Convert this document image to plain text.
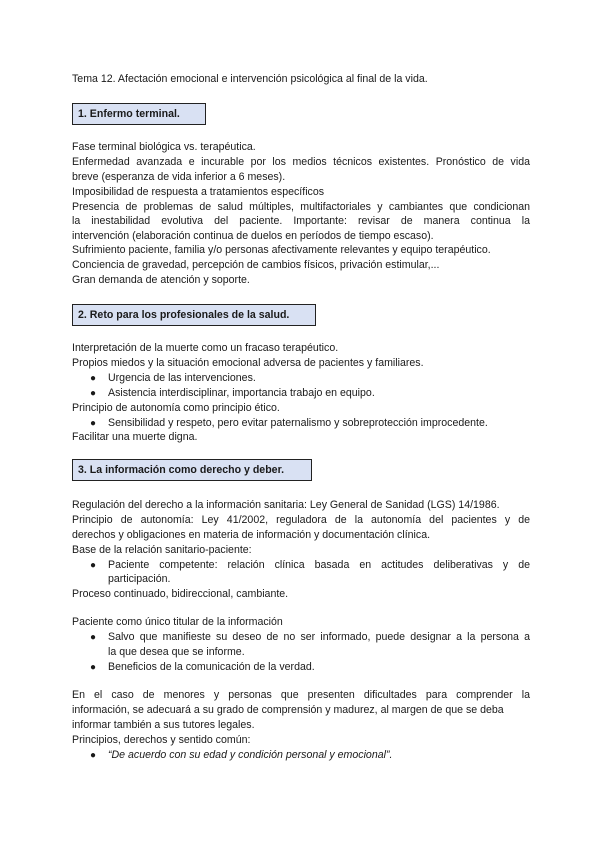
Tema 12. Afectación emocional e intervención psicológica al final de la vida.
1. Enfermo terminal.
Fase terminal biológica vs. terapéutica.
Enfermedad avanzada e incurable por los medios técnicos existentes. Pronóstico de vida
breve (esperanza de vida inferior a 6 meses).
Imposibilidad de respuesta a tratamientos específicos
Presencia de problemas de salud múltiples, multifactoriales y cambiantes que condicionan
la inestabilidad evolutiva del paciente. Importante: revisar de manera continua la
intervención (elaboración continua de duelos en períodos de tiempo escaso).
Sufrimiento paciente, familia y/o personas afectivamente relevantes y equipo terapéutico.
Conciencia de gravedad, percepción de cambios físicos, privación estimular,...
Gran demanda de atención y soporte.
2. Reto para los profesionales de la salud.
Interpretación de la muerte como un fracaso terapéutico.
Propios miedos y la situación emocional adversa de pacientes y familiares.
● Urgencia de las intervenciones.
● Asistencia interdisciplinar, importancia trabajo en equipo.
Principio de autonomía como principio ético.
● Sensibilidad y respeto, pero evitar paternalismo y sobreprotección improcedente.
Facilitar una muerte digna.
3. La información como derecho y deber.
Regulación del derecho a la información sanitaria: Ley General de Sanidad (LGS) 14/1986.
Principio de autonomía: Ley 41/2002, reguladora de la autonomía del pacientes y de
derechos y obligaciones en materia de información y documentación clínica.
Base de la relación sanitario-paciente:
● Paciente competente: relación clínica basada en actitudes deliberativas y de
participación.
Proceso continuado, bidireccional, cambiante.
Paciente como único titular de la información
● Salvo que manifieste su deseo de no ser informado, puede designar a la persona a
la que desea que se informe.
● Beneficios de la comunicación de la verdad.
En el caso de menores y personas que presenten dificultades para comprender la
información, se adecuará a su grado de comprensión y madurez, al margen de que se deba
informar también a sus tutores legales.
Principios, derechos y sentido común:
● “De acuerdo con su edad y condición personal y emocional”.
